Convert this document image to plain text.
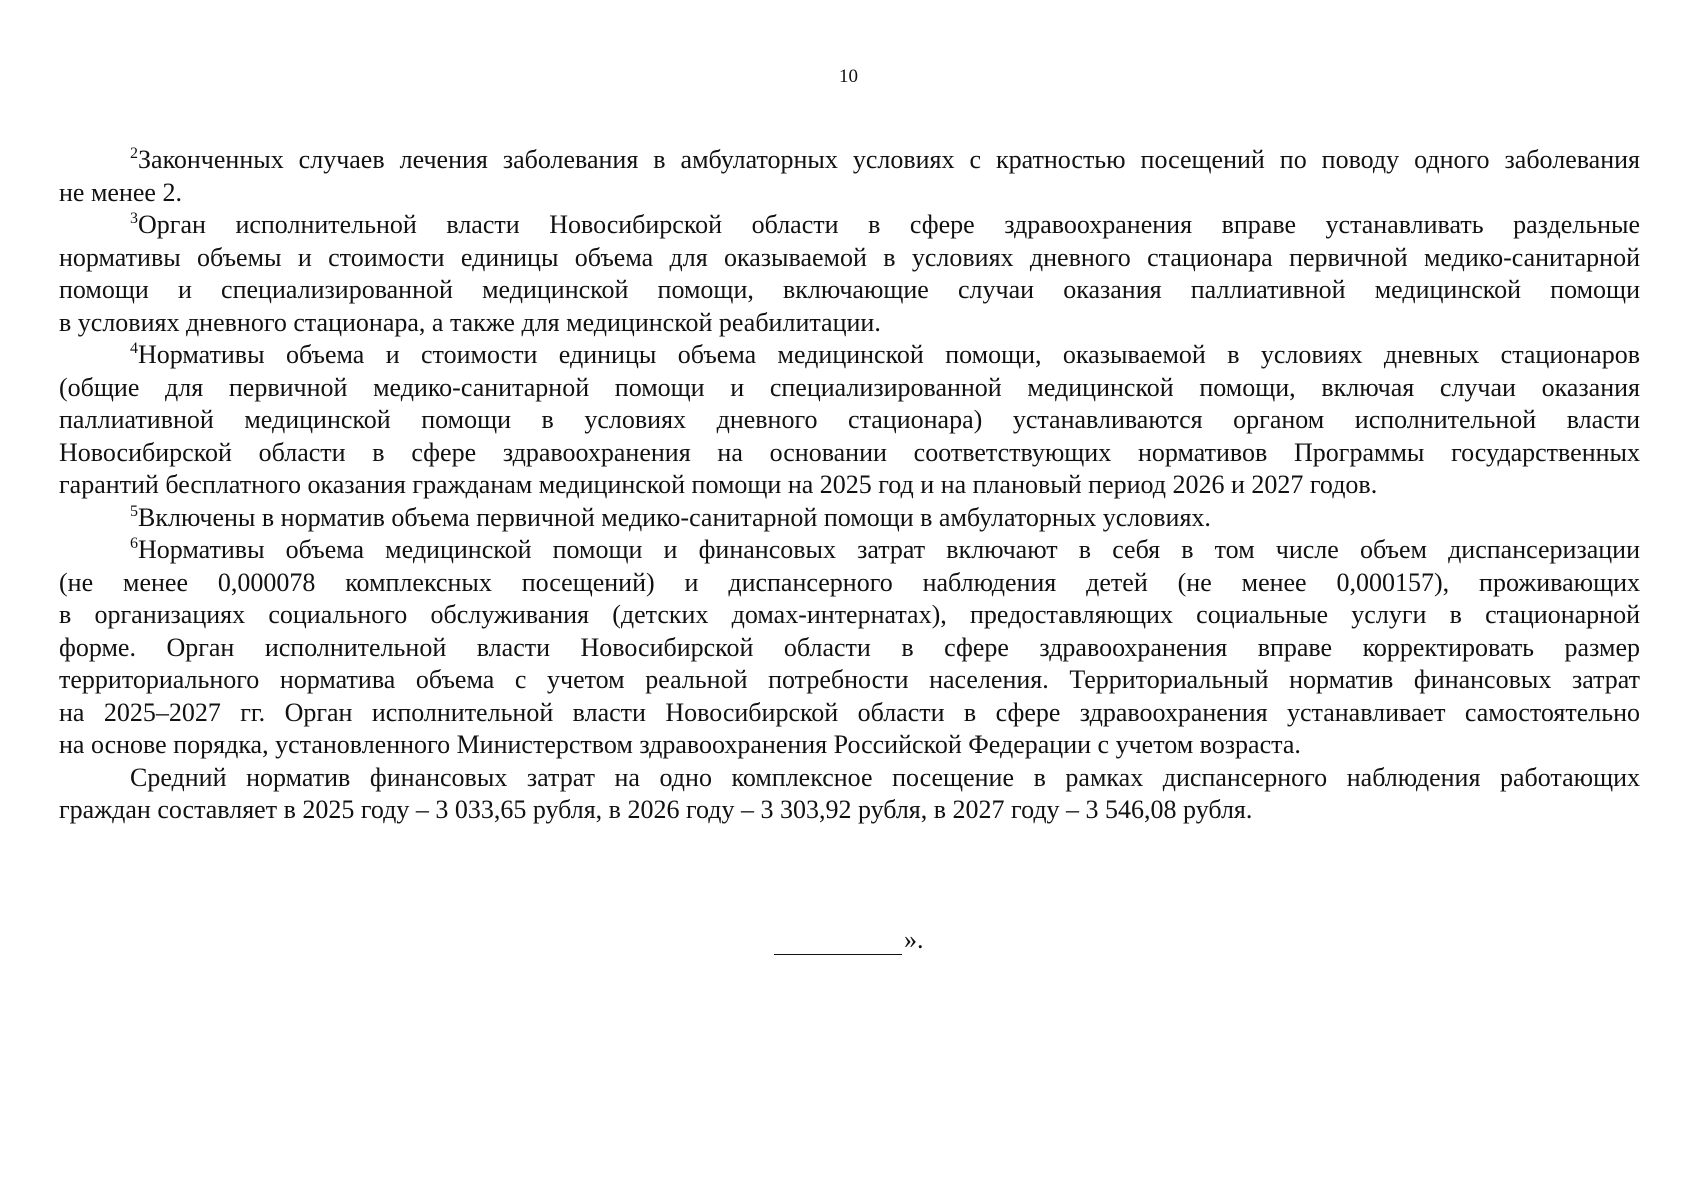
10
$^2$Законченных случаев лечения заболевания в амбулаторных условиях с кратностью посещений по поводу одного заболевания
не менее 2.
$^3$Орган исполнительной власти Новосибирской области в сфере здравоохранения вправе устанавливать раздельные
нормативы объемы и стоимости единицы объема для оказываемой в условиях дневного стационара первичной медико-санитарной
помощи и специализированной медицинской помощи, включающие случаи оказания паллиативной медицинской помощи
в условиях дневного стационара, а также для медицинской реабилитации.
$^4$Нормативы объема и стоимости единицы объема медицинской помощи, оказываемой в условиях дневных стационаров
(общие для первичной медико-санитарной помощи и специализированной медицинской помощи, включая случаи оказания
паллиативной медицинской помощи в условиях дневного стационара) устанавливаются органом исполнительной власти
Новосибирской области в сфере здравоохранения на основании соответствующих нормативов Программы государственных
гарантий бесплатного оказания гражданам медицинской помощи на 2025 год и на плановый период 2026 и 2027 годов.
$^5$Включены в норматив объема первичной медико-санитарной помощи в амбулаторных условиях.
$^6$Нормативы объема медицинской помощи и финансовых затрат включают в себя в том числе объем диспансеризации
(не менее 0,000078 комплексных посещений) и диспансерного наблюдения детей (не менее 0,000157), проживающих
в организациях социального обслуживания (детских домах-интернатах), предоставляющих социальные услуги в стационарной
форме. Орган исполнительной власти Новосибирской области в сфере здравоохранения вправе корректировать размер
территориального норматива объема с учетом реальной потребности населения. Территориальный норматив финансовых затрат
на 2025–2027 гг. Орган исполнительной власти Новосибирской области в сфере здравоохранения устанавливает самостоятельно
на основе порядка, установленного Министерством здравоохранения Российской Федерации с учетом возраста.
Средний норматив финансовых затрат на одно комплексное посещение в рамках диспансерного наблюдения работающих
граждан составляет в 2025 году – 3 033,65 рубля, в 2026 году – 3 303,92 рубля, в 2027 году – 3 546,08 рубля.
».
